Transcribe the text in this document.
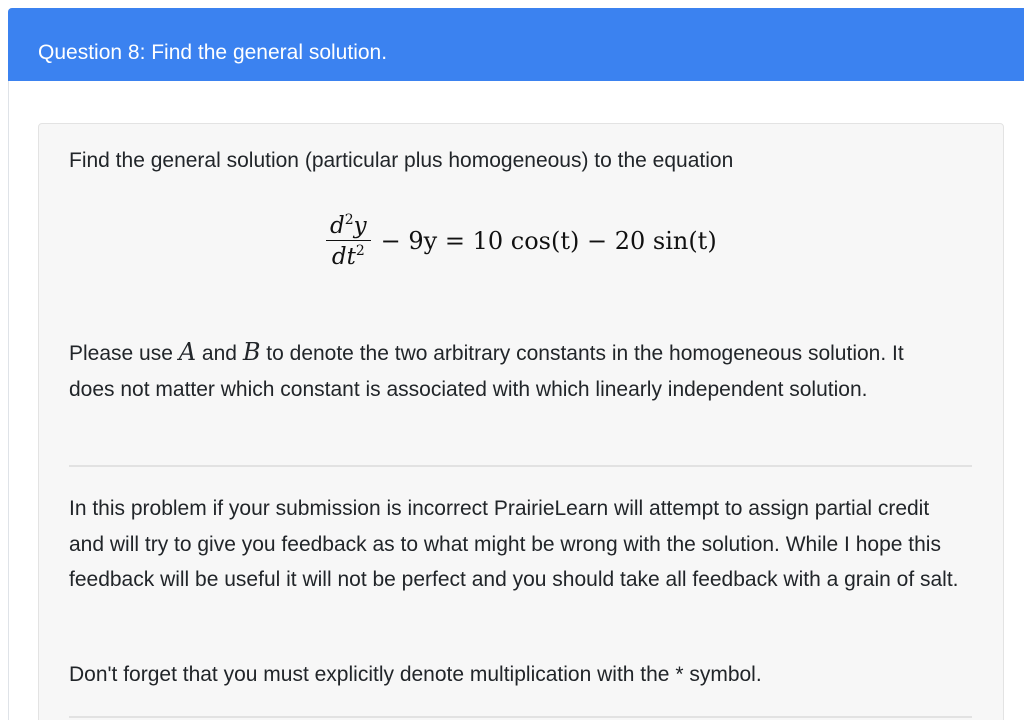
Question 8: Find the general solution.
Find the general solution (particular plus homogeneous) to the equation
$\frac{d^2y}{dt^2} - 9y = 10$ cos(t) − 20 sin(t)
Please use A and B to denote the two arbitrary constants in the homogeneous solution. It does not matter which constant is associated with which linearly independent solution.
In this problem if your submission is incorrect PrairieLearn will attempt to assign partial credit and will try to give you feedback as to what might be wrong with the solution. While I hope this feedback will be useful it will not be perfect and you should take all feedback with a grain of salt.
Don't forget that you must explicitly denote multiplication with the * symbol.
